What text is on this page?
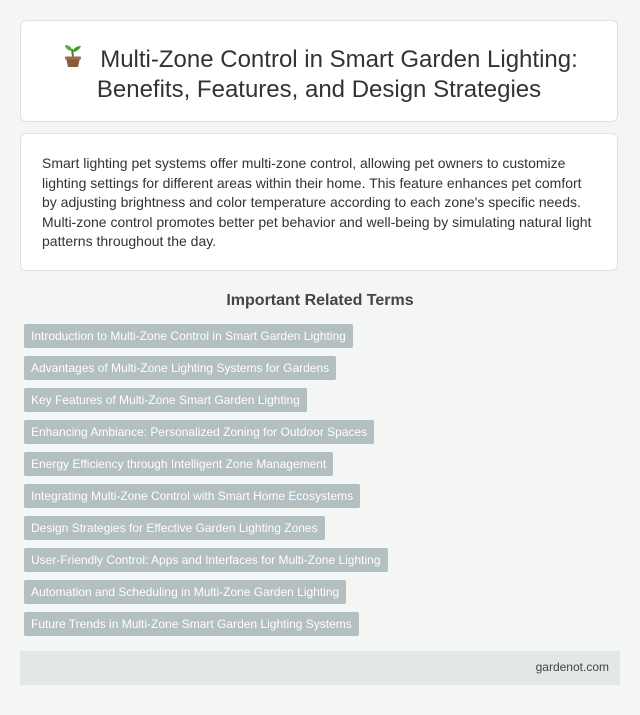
Multi-Zone Control in Smart Garden Lighting:
Benefits, Features, and Design Strategies

Smart lighting pet systems offer multi-zone control, allowing pet owners to customize lighting settings for different areas within their home. This feature enhances pet comfort by adjusting brightness and color temperature according to each zone's specific needs. Multi-zone control promotes better pet behavior and well-being by simulating natural light patterns throughout the day.

Important Related Terms
Introduction to Multi-Zone Control in Smart Garden Lighting
Advantages of Multi-Zone Lighting Systems for Gardens
Key Features of Multi-Zone Smart Garden Lighting
Enhancing Ambiance: Personalized Zoning for Outdoor Spaces
Energy Efficiency through Intelligent Zone Management
Integrating Multi-Zone Control with Smart Home Ecosystems
Design Strategies for Effective Garden Lighting Zones
User-Friendly Control: Apps and Interfaces for Multi-Zone Lighting
Automation and Scheduling in Multi-Zone Garden Lighting
Future Trends in Multi-Zone Smart Garden Lighting Systems
gardenot.com
